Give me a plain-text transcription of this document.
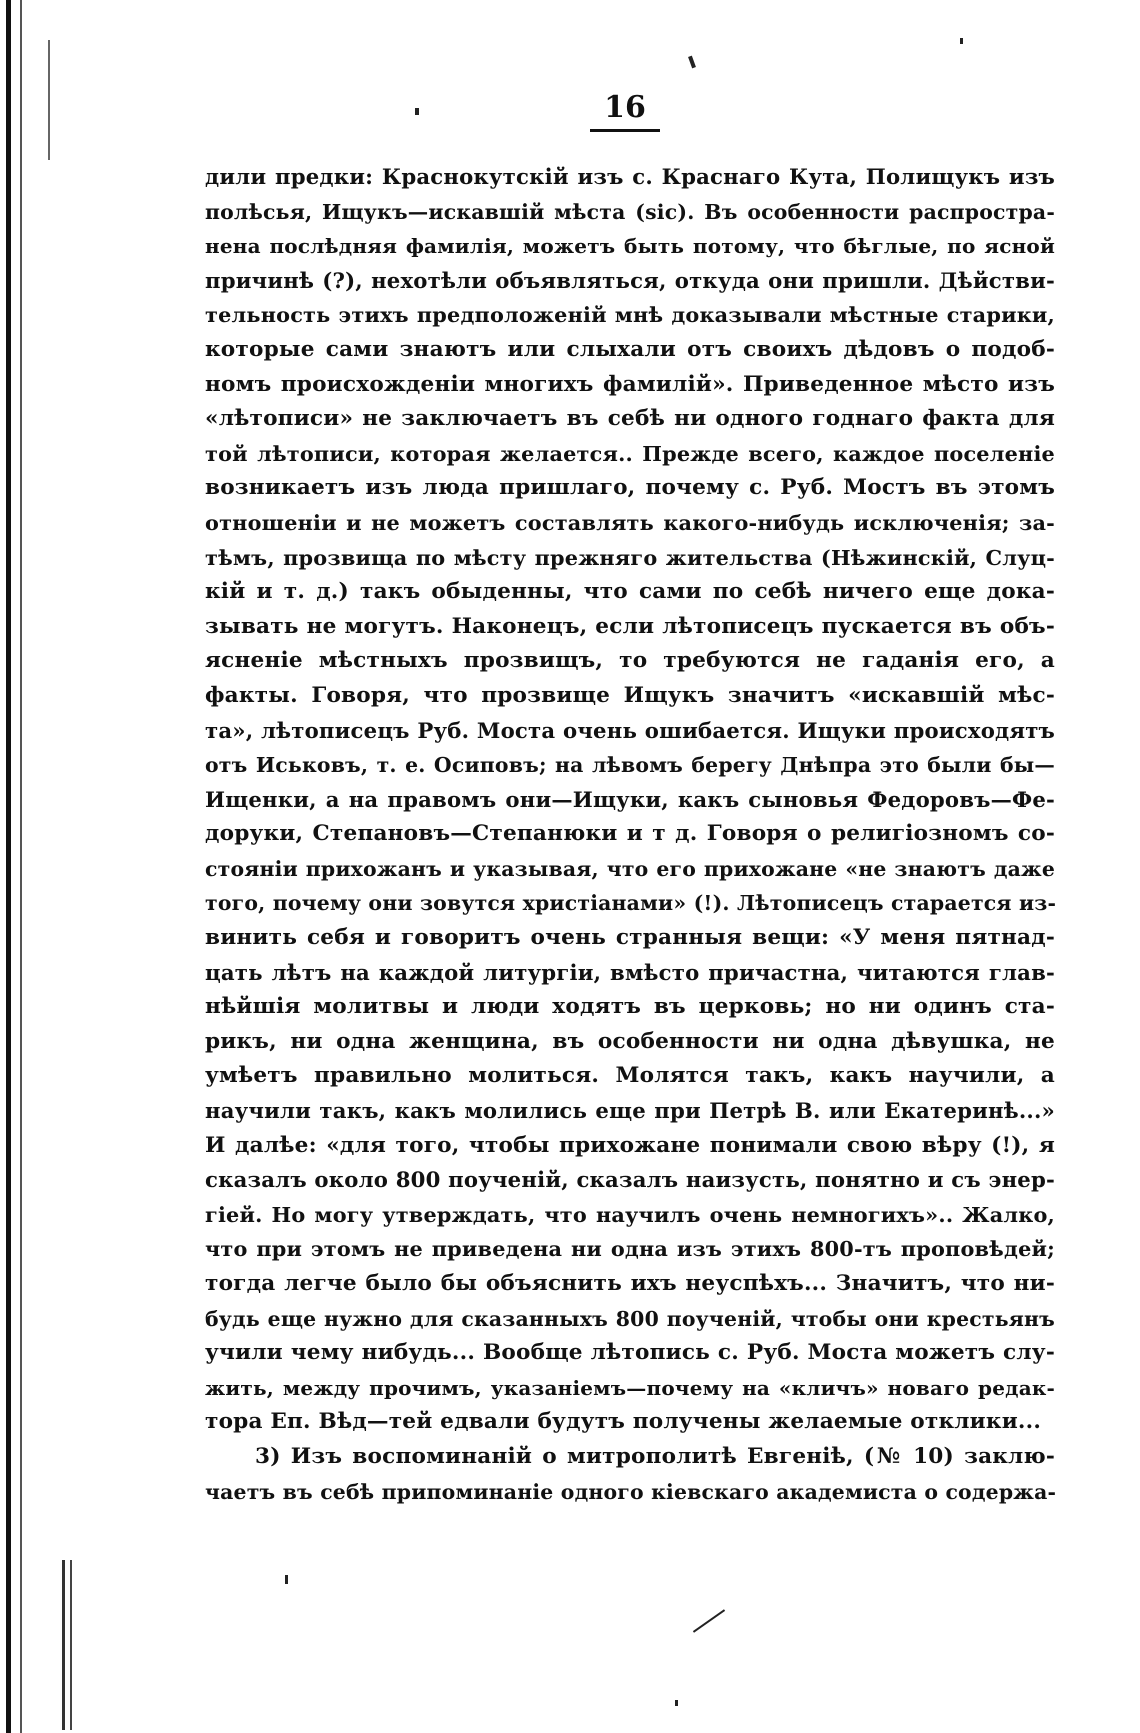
16
дили предки: Краснокутскій изъ с. Краснаго Кута, Полищукъ изъ
полѣсья, Ищукъ—искавшій мѣста (sic). Въ особенности распростра-
нена послѣдняя фамилія, можетъ быть потому, что бѣглые, по ясной
причинѣ (?), нехотѣли объявляться, откуда они пришли. Дѣйстви-
тельность этихъ предположеній мнѣ доказывали мѣстные старики,
которые сами знаютъ или слыхали отъ своихъ дѣдовъ о подоб-
номъ происхожденіи многихъ фамилій». Приведенное мѣсто изъ
«лѣтописи» не заключаетъ въ себѣ ни одного годнаго факта для
той лѣтописи, которая желается.. Прежде всего, каждое поселеніе
возникаетъ изъ люда пришлаго, почему с. Руб. Мостъ въ этомъ
отношеніи и не можетъ составлять какого-нибудь исключенія; за-
тѣмъ, прозвища по мѣсту прежняго жительства (Нѣжинскій, Слуц-
кій и т. д.) такъ обыденны, что сами по себѣ ничего еще дока-
зывать не могутъ. Наконецъ, если лѣтописецъ пускается въ объ-
ясненіе мѣстныхъ прозвищъ, то требуются не гаданія его, а
факты. Говоря, что прозвище Ищукъ значитъ «искавшій мѣс-
та», лѣтописецъ Руб. Моста очень ошибается. Ищуки происходятъ
отъ Иськовъ, т. е. Осиповъ; на лѣвомъ берегу Днѣпра это были бы—
Ищенки, а на правомъ они—Ищуки, какъ сыновья Федоровъ—Фе-
доруки, Степановъ—Степанюки и т д. Говоря о религіозномъ со-
стояніи прихожанъ и указывая, что его прихожане «не знаютъ даже
того, почему они зовутся христіанами» (!). Лѣтописецъ старается из-
винить себя и говоритъ очень странныя вещи: «У меня пятнад-
цать лѣтъ на каждой литургіи, вмѣсто причастна, читаются глав-
нѣйшія молитвы и люди ходятъ въ церковь; но ни одинъ ста-
рикъ, ни одна женщина, въ особенности ни одна дѣвушка, не
умѣетъ правильно молиться. Молятся такъ, какъ научили, а
научили такъ, какъ молились еще при Петрѣ В. или Екатеринѣ...»
И далѣе: «для того, чтобы прихожане понимали свою вѣру (!), я
сказалъ около 800 поученій, сказалъ наизусть, понятно и съ энер-
гіей. Но могу утверждать, что научилъ очень немногихъ».. Жалко,
что при этомъ не приведена ни одна изъ этихъ 800-тъ проповѣдей;
тогда легче было бы объяснить ихъ неуспѣхъ... Значитъ, что ни-
будь еще нужно для сказанныхъ 800 поученій, чтобы они крестьянъ
учили чему нибудь... Вообще лѣтопись с. Руб. Моста можетъ слу-
жить, между прочимъ, указаніемъ—почему на «кличъ» новаго редак-
тора Еп. Вѣд—тей едвали будутъ получены желаемые отклики...
3) Изъ воспоминаній о митрополитѣ Евгеніѣ, (№ 10) заклю-
чаетъ въ себѣ припоминаніе одного кіевскаго академиста о содержа-
